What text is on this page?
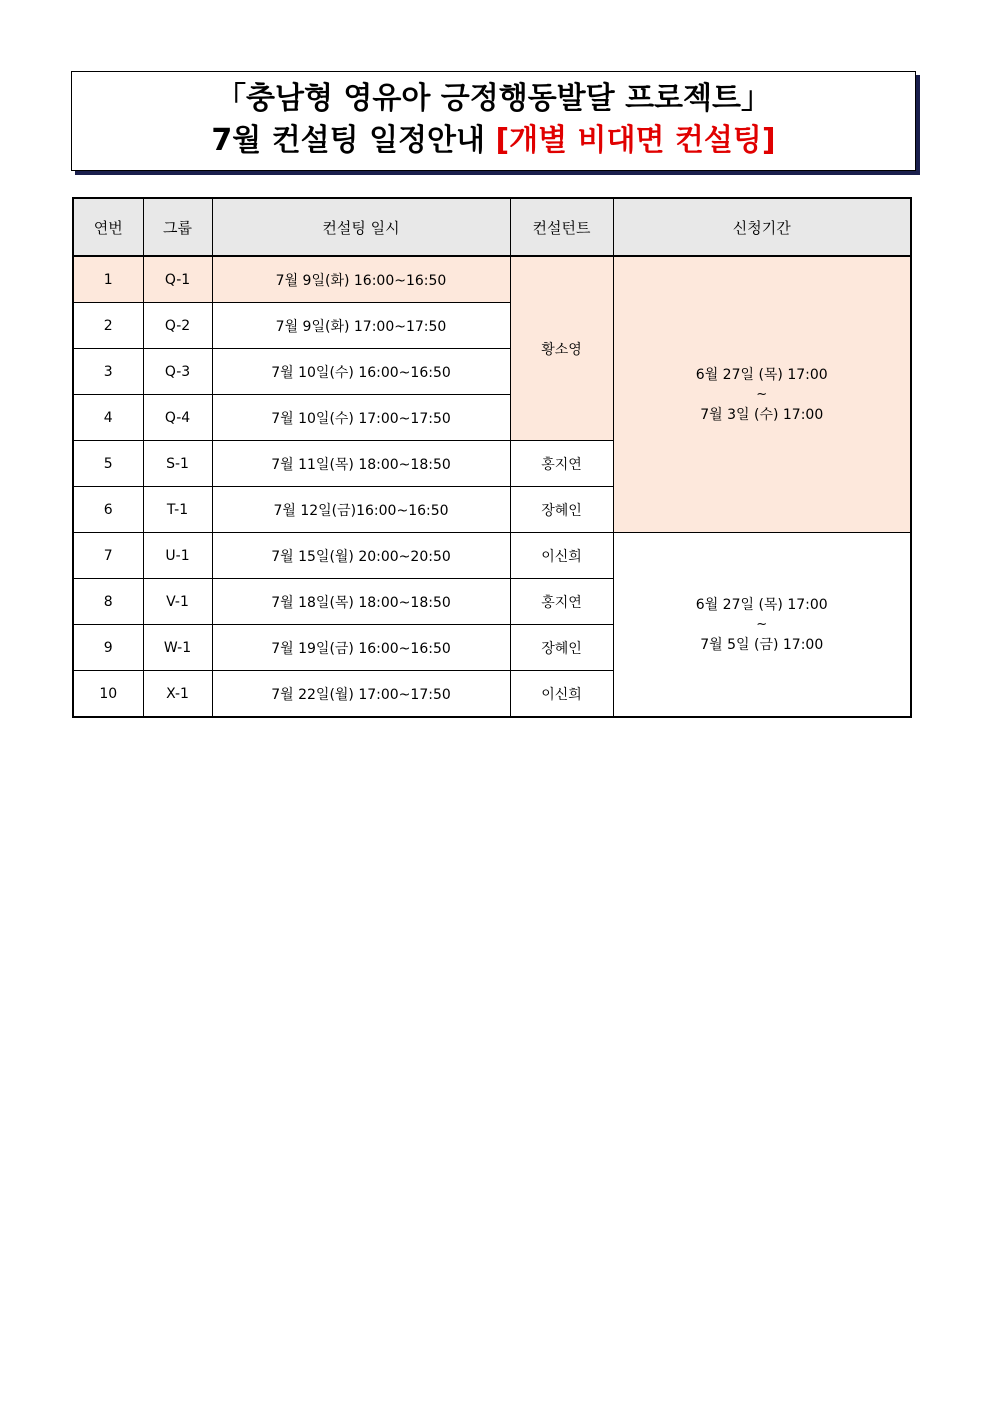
「충남형 영유아 긍정행동발달 프로젝트」
7월 컨설팅 일정안내 [개별 비대면 컨설팅]
연번	그룹	컨설팅 일시	컨설턴트	신청기간
1	Q-1	7월 9일(화) 16:00~16:50	황소영	6월 27일 (목) 17:00
~
7월 3일 (수) 17:00

2	Q-2	7월 9일(화) 17:00~17:50		
3	Q-3	7월 10일(수) 16:00~16:50		
4	Q-4	7월 10일(수) 17:00~17:50		
5	S-1	7월 11일(목) 18:00~18:50	홍지연	
6	T-1	7월 12일(금)16:00~16:50	장혜인	
7	U-1	7월 15일(월) 20:00~20:50	이신희	6월 27일 (목) 17:00
~
7월 5일 (금) 17:00

8	V-1	7월 18일(목) 18:00~18:50	홍지연	
9	W-1	7월 19일(금) 16:00~16:50	장혜인	
10	X-1	7월 22일(월) 17:00~17:50	이신희	
